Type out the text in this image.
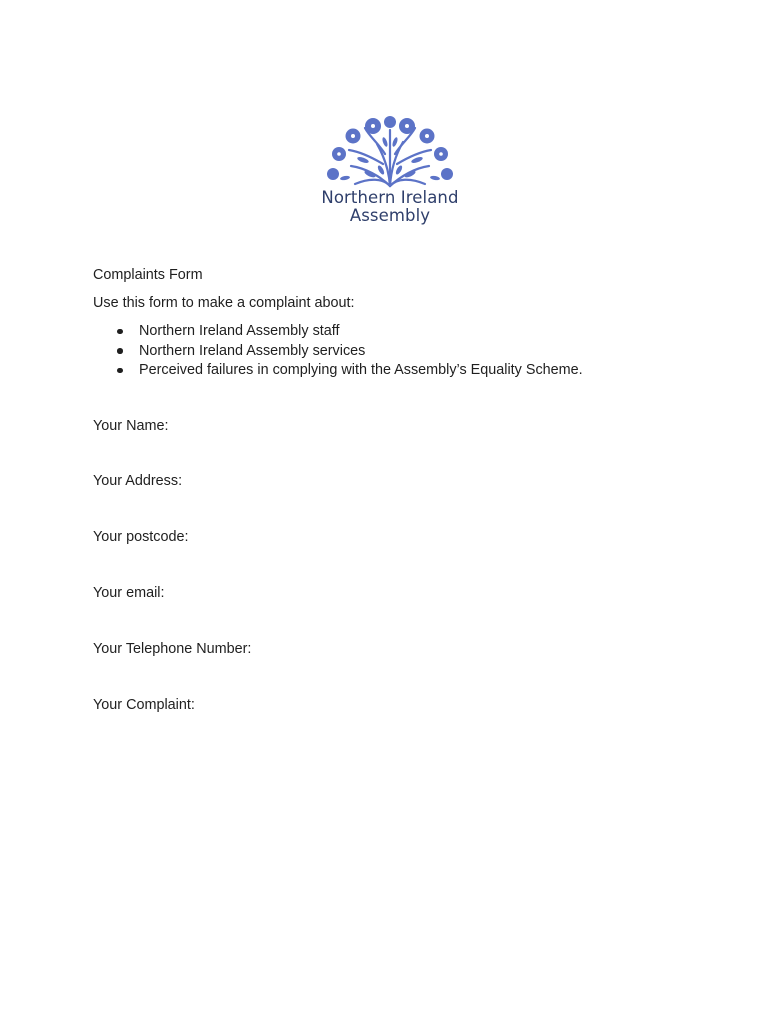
Northern Ireland
Assembly
Complaints Form
Use this form to make a complaint about:
Northern Ireland Assembly staff
Northern Ireland Assembly services
Perceived failures in complying with the Assembly’s Equality Scheme.
Your Name:
Your Address:
Your postcode:
Your email:
Your Telephone Number:
Your Complaint:
